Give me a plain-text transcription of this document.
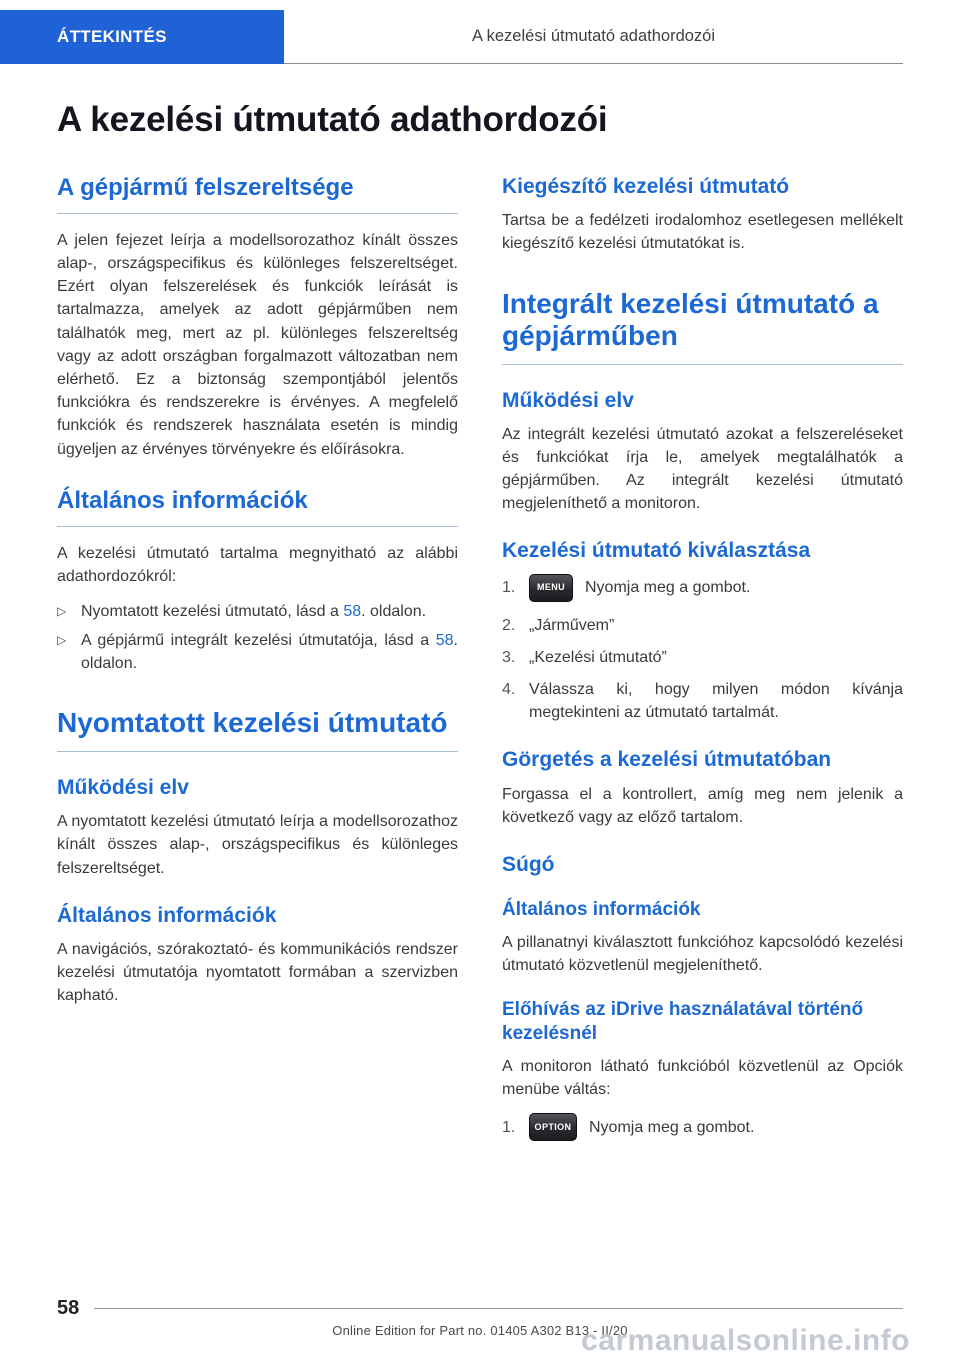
ÁTTEKINTÉS	A kezelési útmutató adathordozói
A kezelési útmutató adathordozói
A gépjármű felszereltsége

A jelen fejezet leírja a modellsorozathoz kínált összes alap-, országspecifikus és különleges felszereltséget. Ezért olyan felszerelések és funkciók leírását is tartalmazza, amelyek az adott gépjárműben nem találhatók meg, mert az pl. különleges felszereltség vagy az adott országban forgalmazott változatban nem elérhető. Ez a biztonság szempontjából jelentős funkciókra és rendszerekre is érvényes. A megfelelő funkciók és rendszerek használata esetén is mindig ügyeljen az érvényes törvényekre és előírásokra.

Általános információk

A kezelési útmutató tartalma megnyitható az alábbi adathordozókról:

▷ Nyomtatott kezelési útmutató, lásd a 58. oldalon.
▷ A gépjármű integrált kezelési útmutatója, lásd a 58. oldalon.
Nyomtatott kezelési útmutató
Működési elv

A nyomtatott kezelési útmutató leírja a modellsorozathoz kínált összes alap-, országspecifikus és különleges felszereltséget.

Általános információk

A navigációs, szórakoztató- és kommunikációs rendszer kezelési útmutatója nyomtatott formában a szervizben kapható.

Kiegészítő kezelési útmutató

Tartsa be a fedélzeti irodalomhoz esetlegesen mellékelt kiegészítő kezelési útmutatókat is.

Integrált kezelési útmutató a gépjárműben
Működési elv

Az integrált kezelési útmutató azokat a felszereléseket és funkciókat írja le, amelyek megtalálhatók a gépjárműben. Az integrált kezelési útmutató megjeleníthető a monitoron.

Kezelési útmutató kiválasztása
1.	MENU	Nyomja meg a gombot.
2. „Járművem”
3. „Kezelési útmutató”
4. Válassza ki, hogy milyen módon kívánja megtekinteni az útmutató tartalmát.
Görgetés a kezelési útmutatóban

Forgassa el a kontrollert, amíg meg nem jelenik a következő vagy az előző tartalom.

Súgó
Általános információk

A pillanatnyi kiválasztott funkcióhoz kapcsolódó kezelési útmutató közvetlenül megjeleníthető.

Előhívás az iDrive használatával történő kezelésnél

A monitoron látható funkcióból közvetlenül az Opciók menübe váltás:

1.	OPTION	Nyomja meg a gombot.
58
Online Edition for Part no. 01405 A302 B13 - II/20
carmanualsonline.info
